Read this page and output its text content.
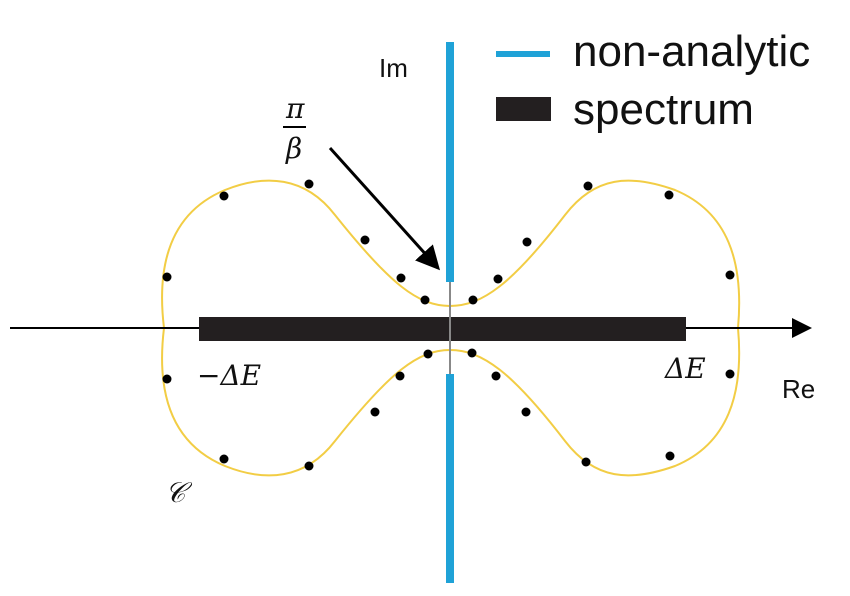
non-analytic
spectrum
Im
Re
π
β
−ΔE	ΔE
𝒞
